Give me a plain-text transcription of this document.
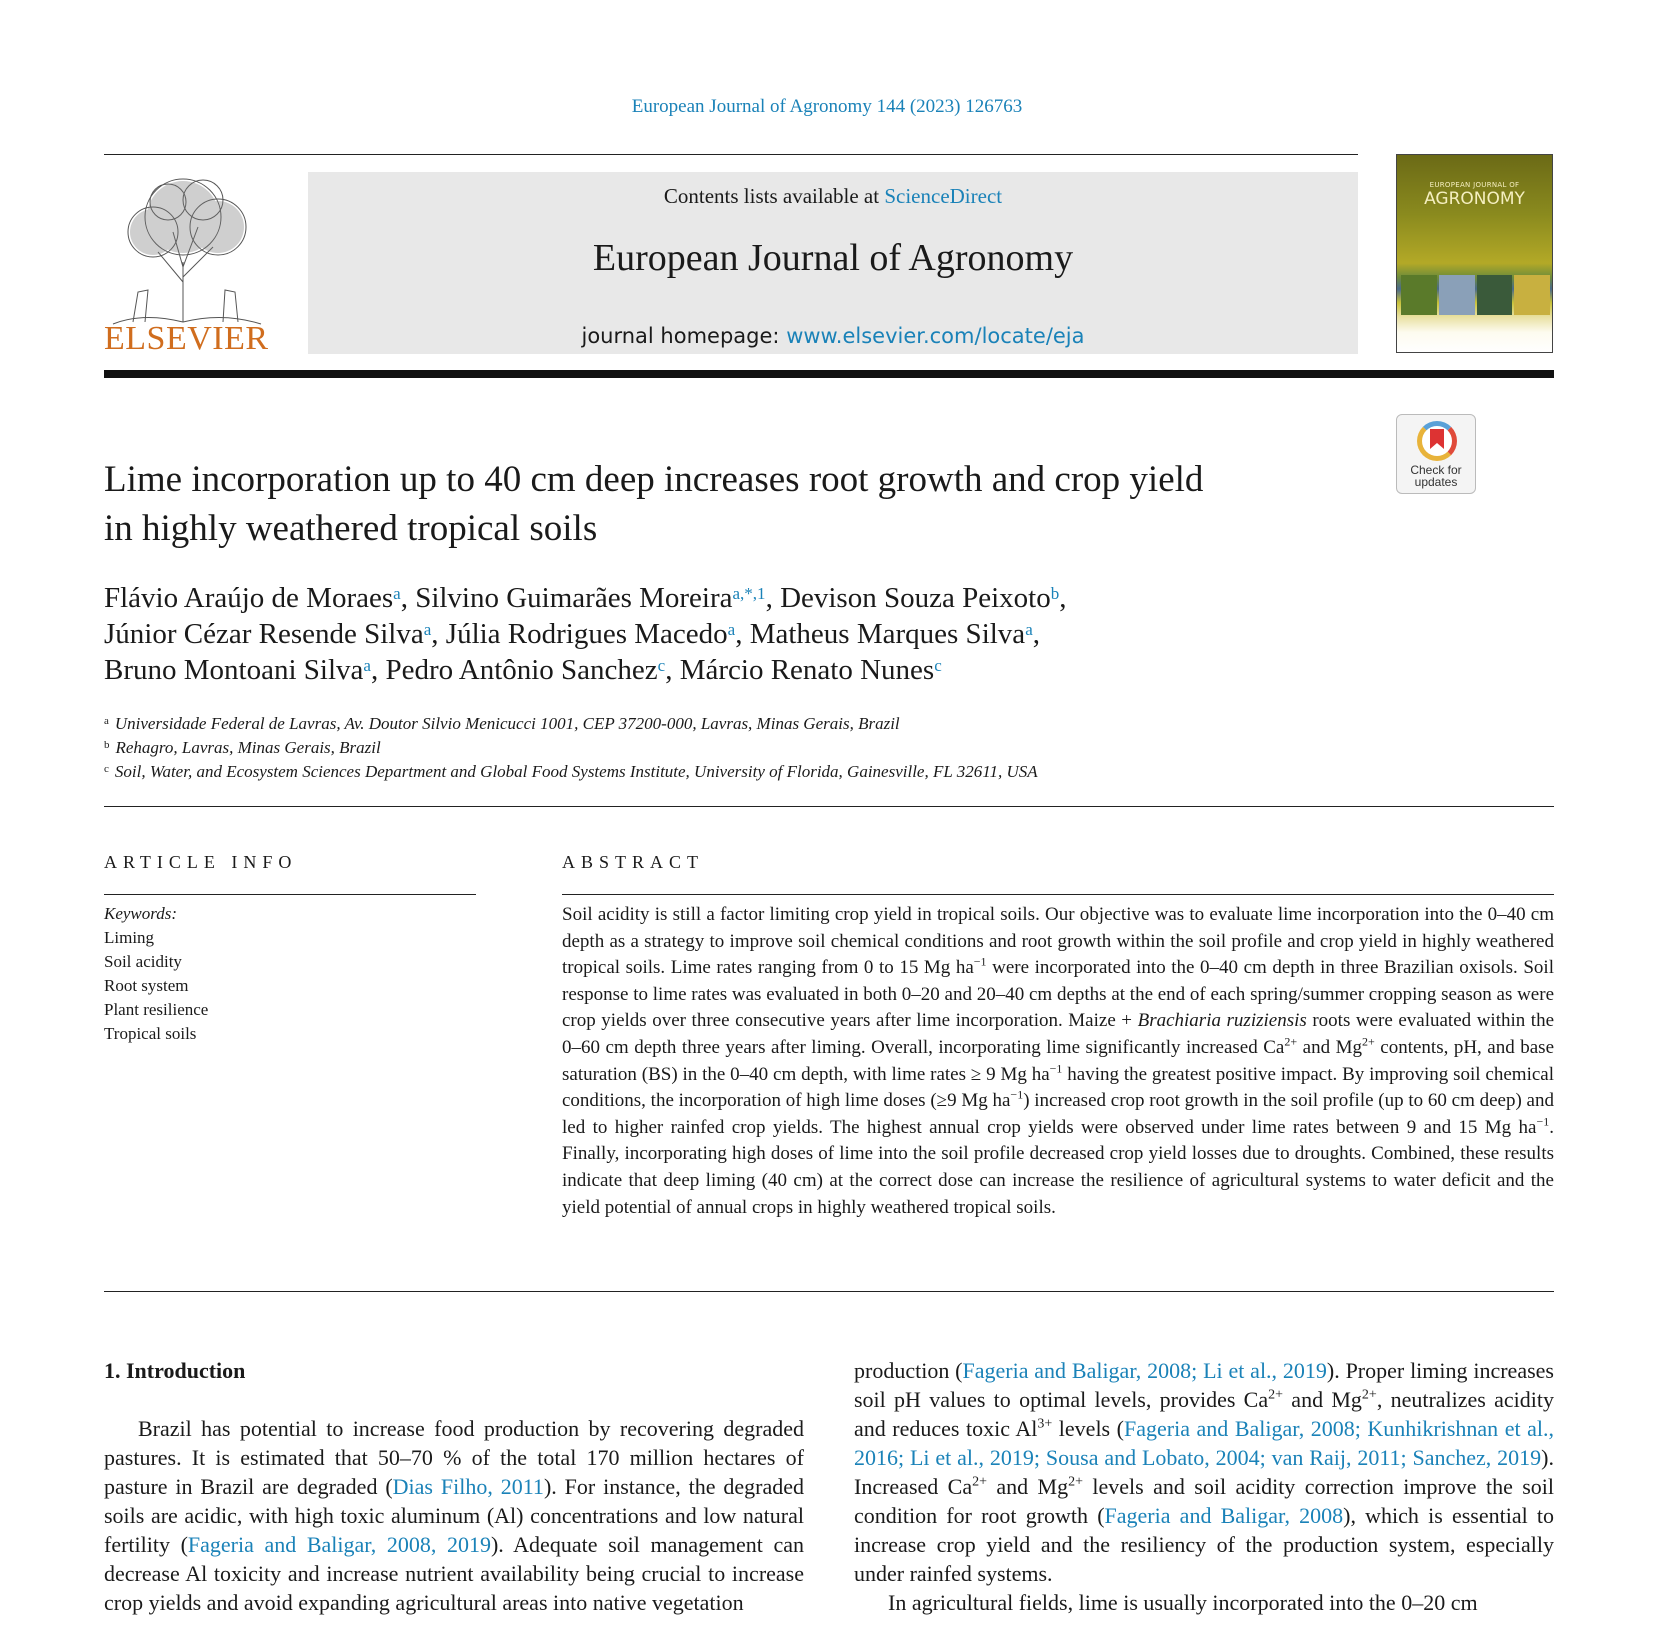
European Journal of Agronomy 144 (2023) 126763
ELSEVIER
Contents lists available at ScienceDirect
European Journal of Agronomy
journal homepage: www.elsevier.com/locate/eja
EUROPEAN JOURNAL OF
AGRONOMY
Check for
updates
Lime incorporation up to 40 cm deep increases root growth and crop yield
in highly weathered tropical soils
Flávio Araújo de Moraes$^a$, Silvino Guimarães Moreira$^{a,*,1}$, Devison Souza Peixoto$^b$,
Júnior Cézar Resende Silva$^a$, Júlia Rodrigues Macedo$^a$, Matheus Marques Silva$^a$,
Bruno Montoani Silva$^a$, Pedro Antônio Sanchez$^c$, Márcio Renato Nunes$^c$
$^a$ Universidade Federal de Lavras, Av. Doutor Silvio Menicucci 1001, CEP 37200-000, Lavras, Minas Gerais, Brazil
$^b$ Rehagro, Lavras, Minas Gerais, Brazil
$^c$ Soil, Water, and Ecosystem Sciences Department and Global Food Systems Institute, University of Florida, Gainesville, FL 32611, USA
ARTICLE INFO	ABSTRACT
Keywords:
Liming
Soil acidity
Root system
Plant resilience
Tropical soils
Soil acidity is still a factor limiting crop yield in tropical soils. Our objective was to evaluate lime incorporation into the 0–40 cm depth as a strategy to improve soil chemical conditions and root growth within the soil profile and crop yield in highly weathered tropical soils. Lime rates ranging from 0 to 15 Mg $ha^{-1}$ were incorporated into the 0–40 cm depth in three Brazilian oxisols. Soil response to lime rates was evaluated in both 0–20 and 20–40 cm depths at the end of each spring/summer cropping season as were crop yields over three consecutive years after lime incorporation. Maize + Brachiaria ruziziensis roots were evaluated within the 0–60 cm depth three years after liming. Overall, incorporating lime significantly increased $Ca^{2+}$ and $Mg^{2+}$ contents, pH, and base saturation (BS) in the 0–40 cm depth, with lime rates ≥ 9 Mg $ha^{-1}$ having the greatest positive impact. By improving soil chemical conditions, the incorporation of high lime doses (≥9 Mg $ha^{-1}$) increased crop root growth in the soil profile (up to 60 cm deep) and led to higher rainfed crop yields. The highest annual crop yields were observed under lime rates between 9 and 15 Mg $ha^{-1}$. Finally, incorporating high doses of lime into the soil profile decreased crop yield losses due to droughts. Combined, these results indicate that deep liming (40 cm) at the correct dose can increase the resilience of agricultural systems to water deficit and the yield potential of annual crops in highly weathered tropical soils.
1. Introduction
Brazil has potential to increase food production by recovering degraded pastures. It is estimated that 50–70 % of the total 170 million hectares of pasture in Brazil are degraded (Dias Filho, 2011). For instance, the degraded soils are acidic, with high toxic aluminum (Al) concentrations and low natural fertility (Fageria and Baligar, 2008, 2019). Adequate soil management can decrease Al toxicity and increase nutrient availability being crucial to increase crop yields and avoid expanding agricultural areas into native vegetation
production (Fageria and Baligar, 2008; Li et al., 2019). Proper liming increases soil pH values to optimal levels, provides $Ca^{2+}$ and $Mg^{2+}$, neutralizes acidity and reduces toxic $Al^{3+}$ levels (Fageria and Baligar, 2008; Kunhikrishnan et al., 2016; Li et al., 2019; Sousa and Lobato, 2004; van Raij, 2011; Sanchez, 2019). Increased $Ca^{2+}$ and $Mg^{2+}$ levels and soil acidity correction improve the soil condition for root growth (Fageria and Baligar, 2008), which is essential to increase crop yield and the resiliency of the production system, especially under rainfed systems.
In agricultural fields, lime is usually incorporated into the 0–20 cm
